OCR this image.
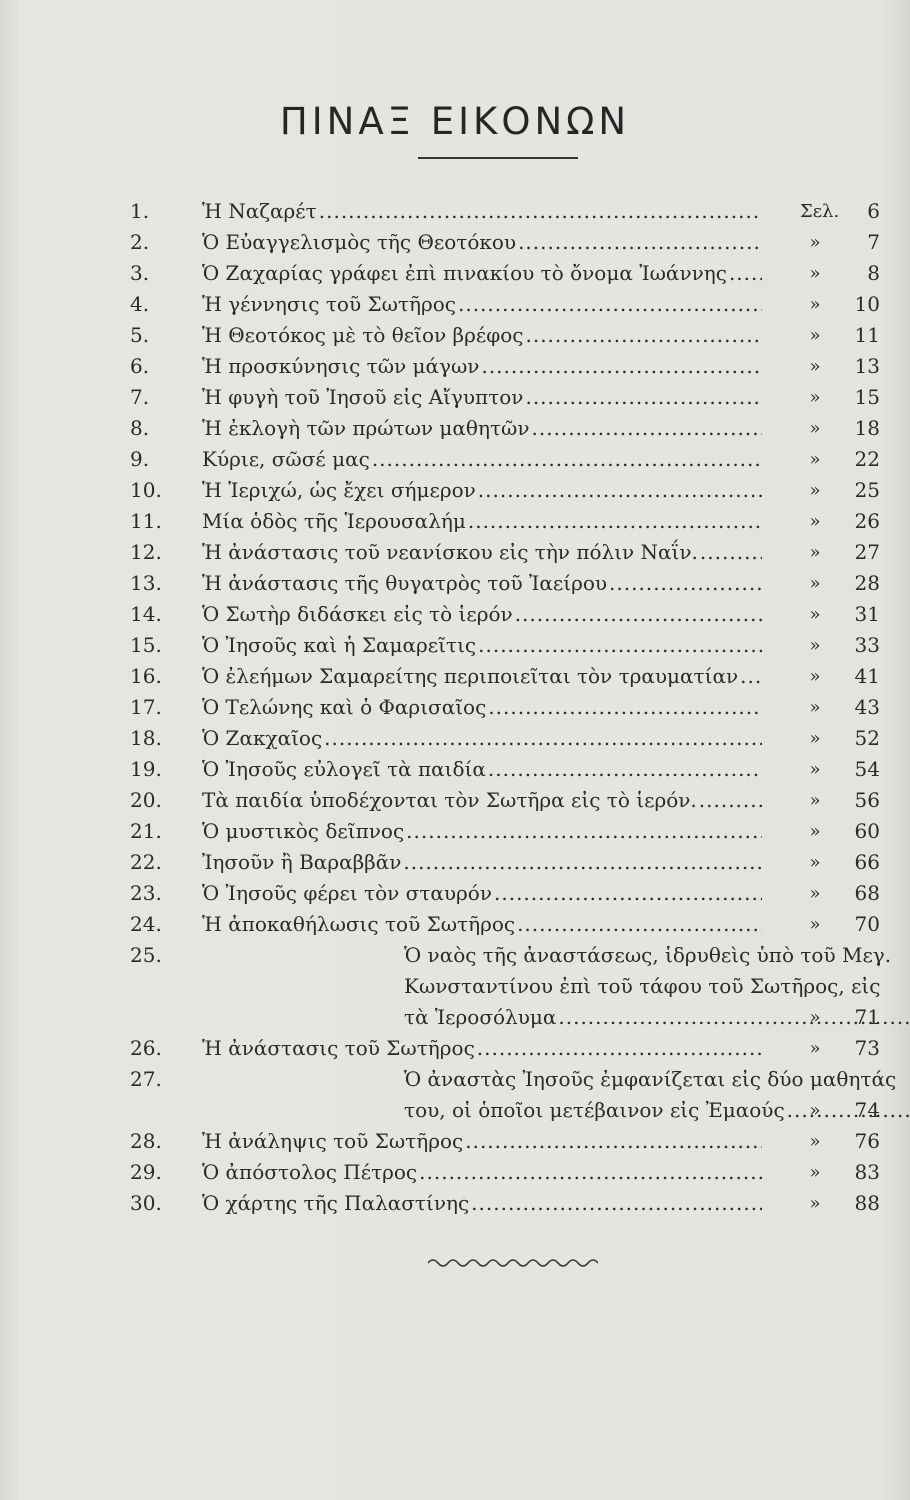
ΠΙΝΑΞ ΕΙΚΟΝΩΝ
1.	Ἡ Ναζαρέτ .....	Σελ.	6
2.	Ὁ Εὐαγγελισμὸς τῆς Θεοτόκου .....	»	7
3.	Ὁ Ζαχαρίας γράφει ἐπὶ πινακίου τὸ ὄνομα Ἰωάννης .....	»	8
4.	Ἡ γέννησις τοῦ Σωτῆρος .....	»	10
5.	Ἡ Θεοτόκος μὲ τὸ θεῖον βρέφος .....	»	11
6.	Ἡ προσκύνησις τῶν μάγων .....	»	13
7.	Ἡ φυγὴ τοῦ Ἰησοῦ εἰς Αἴγυπτον .....	»	15
8.	Ἡ ἐκλογὴ τῶν πρώτων μαθητῶν .....	»	18
9.	Κύριε, σῶσέ μας .....	»	22
10.	Ἡ Ἱεριχώ, ὡς ἔχει σήμερον .....	»	25
11.	Μία ὁδὸς τῆς Ἱερουσαλήμ .....	»	26
12.	Ἡ ἀνάστασις τοῦ νεανίσκου εἰς τὴν πόλιν Ναΐν. .....	»	27
13.	Ἡ ἀνάστασις τῆς θυγατρὸς τοῦ Ἰαείρου .....	»	28
14.	Ὁ Σωτὴρ διδάσκει εἰς τὸ ἱερόν .....	»	31
15.	Ὁ Ἰησοῦς καὶ ἡ Σαμαρεῖτις .....	»	33
16.	Ὁ ἐλεήμων Σαμαρείτης περιποιεῖται τὸν τραυματίαν .....	»	41
17.	Ὁ Τελώνης καὶ ὁ Φαρισαῖος .....	»	43
18.	Ὁ Ζακχαῖος .....	»	52
19.	Ὁ Ἰησοῦς εὐλογεῖ τὰ παιδία .....	»	54
20.	Τὰ παιδία ὑποδέχονται τὸν Σωτῆρα εἰς τὸ ἱερόν. .....	»	56
21.	Ὁ μυστικὸς δεῖπνος .....	»	60
22.	Ἰησοῦν ἢ Βαραββᾶν .....	»	66
23.	Ὁ Ἰησοῦς φέρει τὸν σταυρόν .....	»	68
24.	Ἡ ἀποκαθήλωσις τοῦ Σωτῆρος .....	»	70
25.	Ὁ ναὸς τῆς ἀναστάσεως, ἱδρυθεὶς ὑπὸ τοῦ Μεγ.
Κωνσταντίνου ἐπὶ τοῦ τάφου τοῦ Σωτῆρος, εἰς
τὰ Ἱεροσόλυμα .....	»	71
26.	Ἡ ἀνάστασις τοῦ Σωτῆρος .....	»	73
27.	Ὁ ἀναστὰς Ἰησοῦς ἐμφανίζεται εἰς δύο μαθητάς
του, οἱ ὁποῖοι μετέβαινον εἰς Ἐμαούς .....	»	74
28.	Ἡ ἀνάληψις τοῦ Σωτῆρος .....	»	76
29.	Ὁ ἀπόστολος Πέτρος .....	»	83
30.	Ὁ χάρτης τῆς Παλαστίνης .....	»	88
